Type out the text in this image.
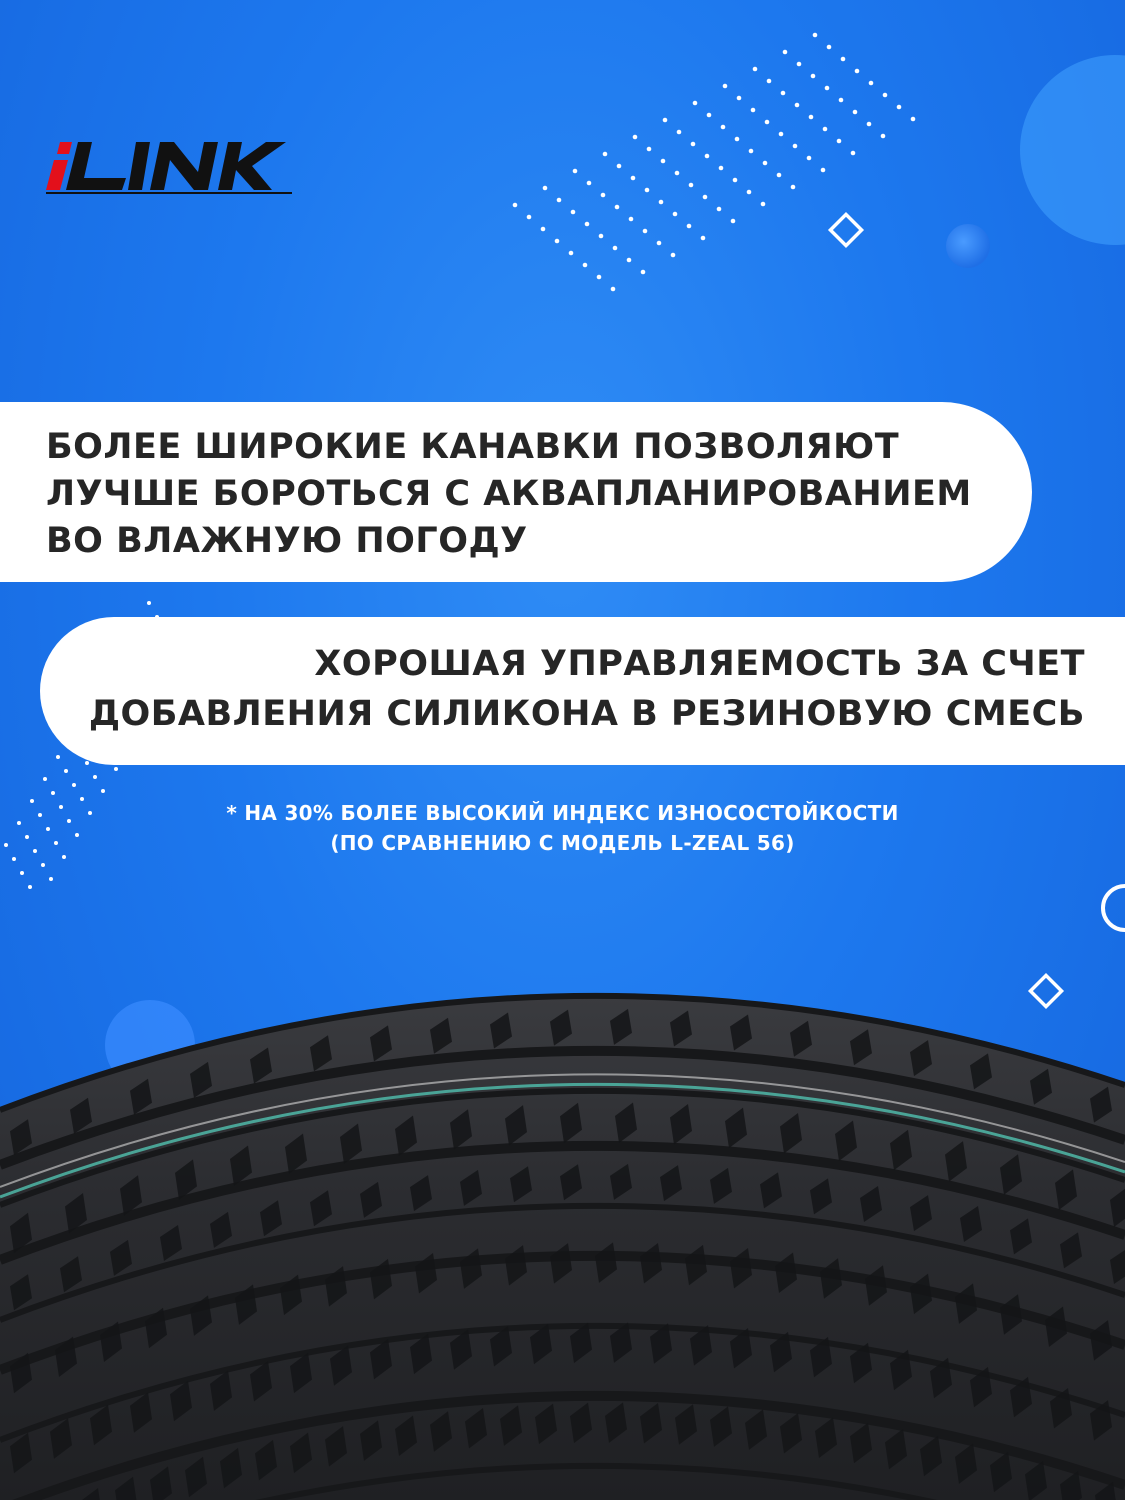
БОЛЕЕ ШИРОКИЕ КАНАВКИ ПОЗВОЛЯЮТ
ЛУЧШЕ БОРОТЬСЯ С АКВАПЛАНИРОВАНИЕМ
ВО ВЛАЖНУЮ ПОГОДУ
ХОРОШАЯ УПРАВЛЯЕМОСТЬ ЗА СЧЕТ
ДОБАВЛЕНИЯ СИЛИКОНА В РЕЗИНОВУЮ СМЕСЬ
* НА 30% БОЛЕЕ ВЫСОКИЙ ИНДЕКС ИЗНОСОСТОЙКОСТИ
(ПО СРАВНЕНИЮ С МОДЕЛЬ L-ZEAL 56)
